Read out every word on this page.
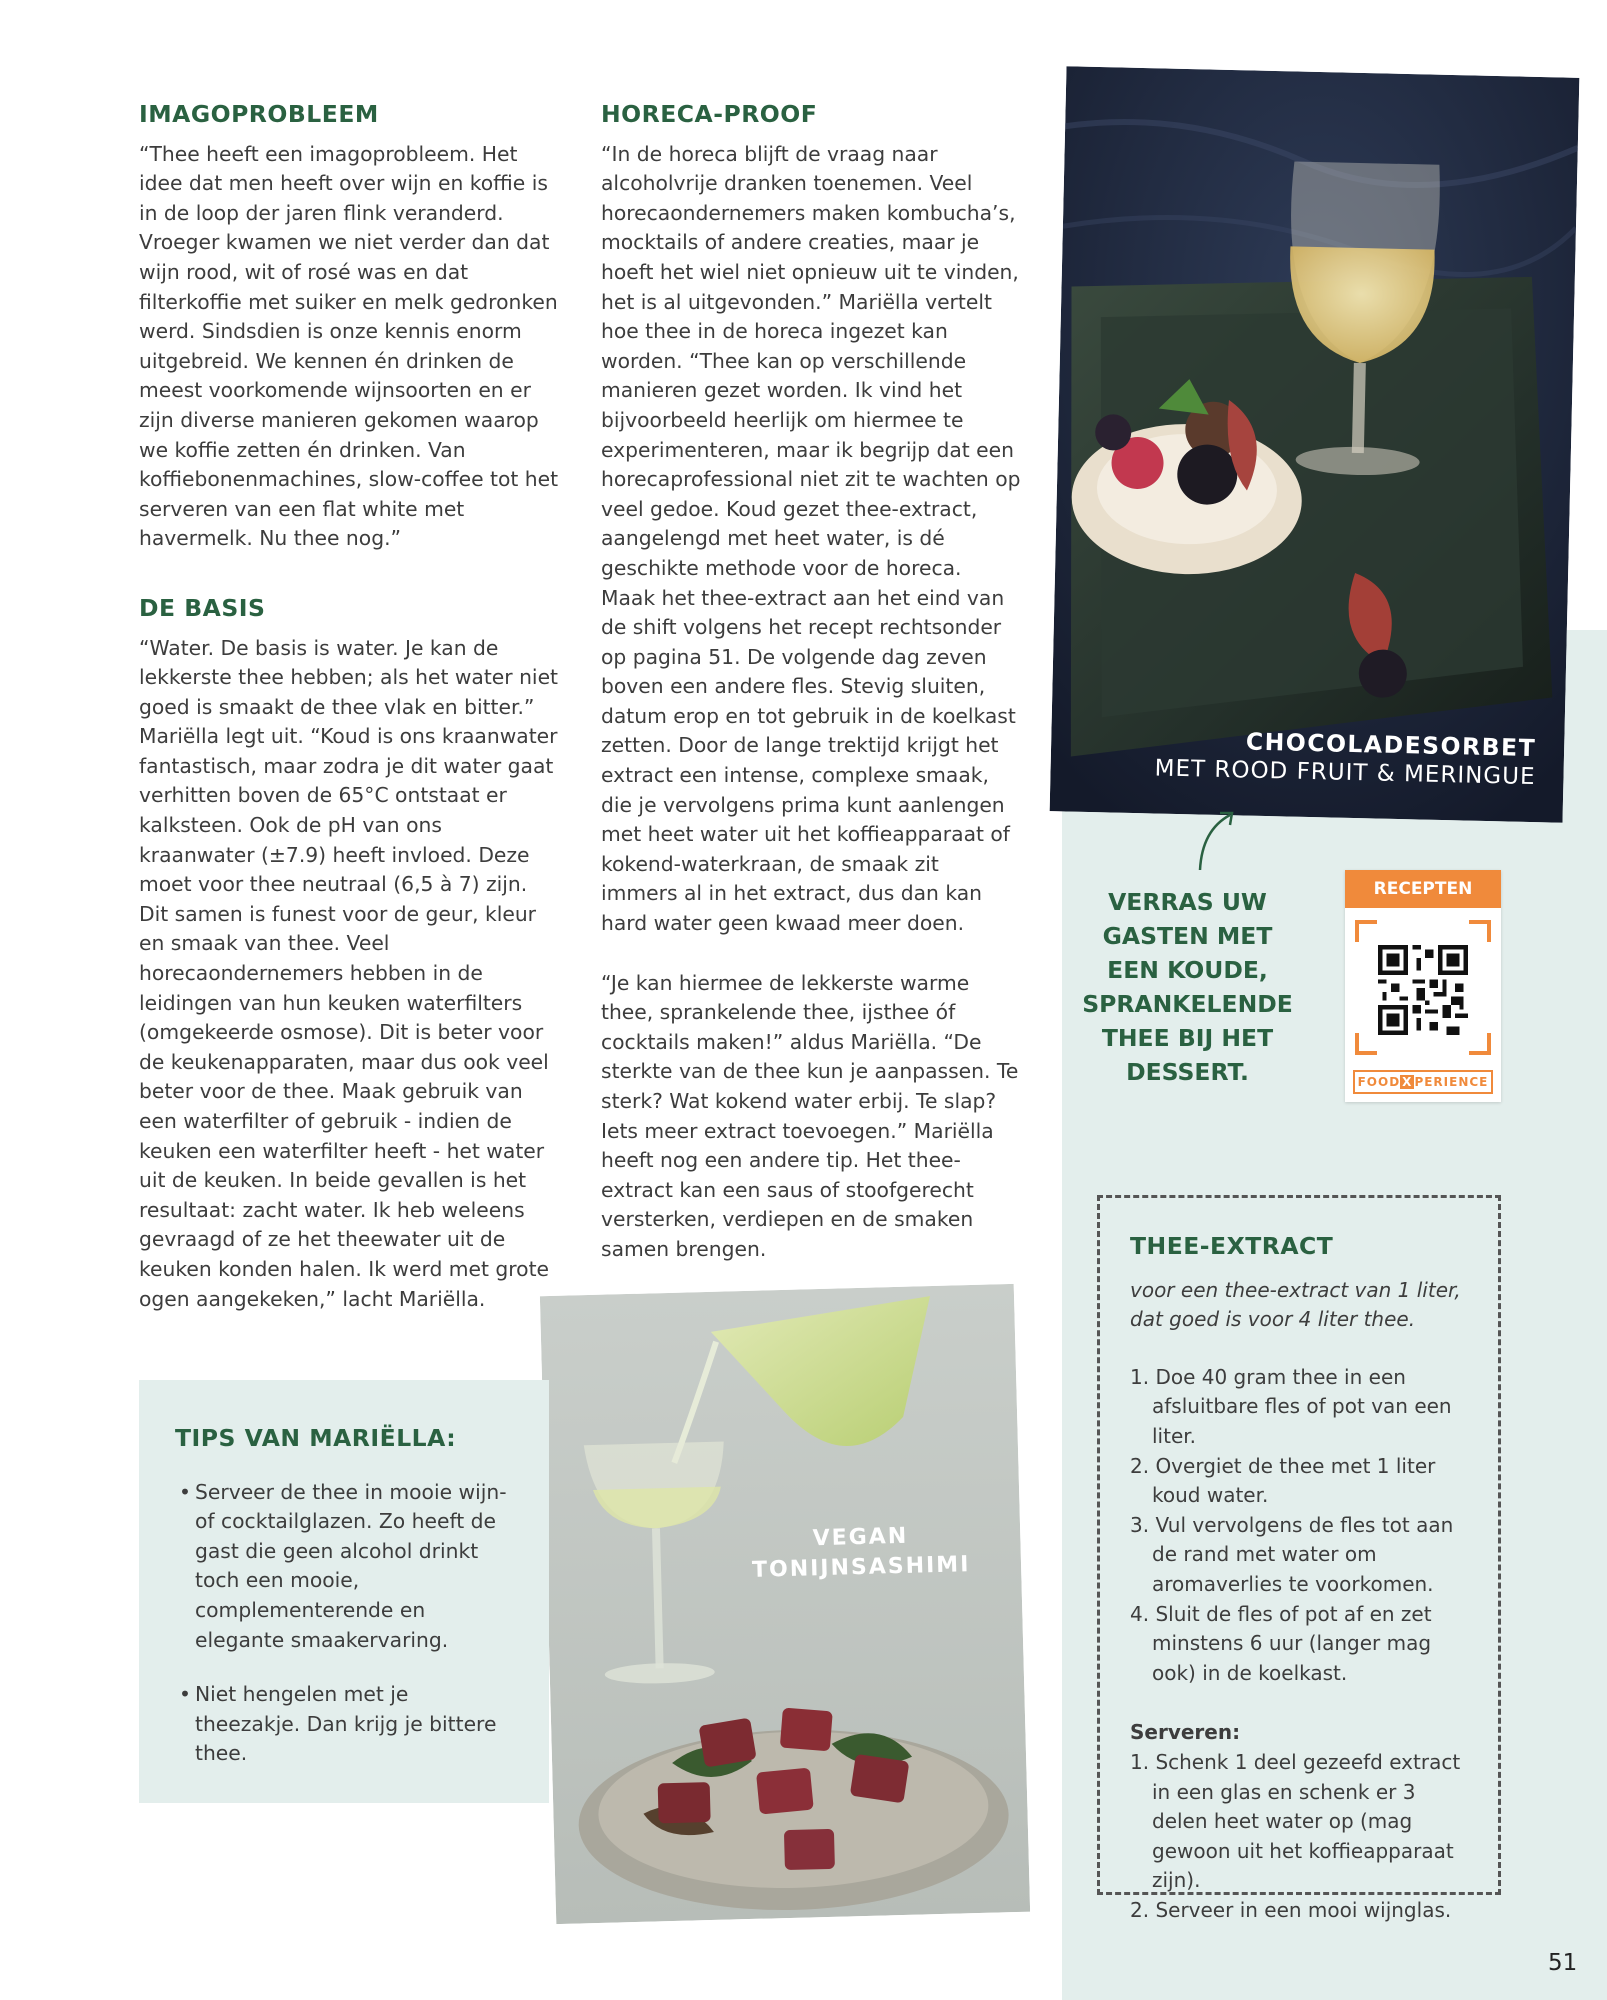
IMAGOPROBLEEM

“Thee heeft een imagoprobleem. Het idee dat men heeft over wijn en koffie is in de loop der jaren flink veranderd. Vroeger kwamen we niet verder dan dat wijn rood, wit of rosé was en dat filterkoffie met suiker en melk gedronken werd. Sindsdien is onze kennis enorm uitgebreid. We kennen én drinken de meest voorkomende wijnsoorten en er zijn diverse manieren gekomen waarop we koffie zetten én drinken. Van koffiebonenmachines, slow-coffee tot het serveren van een flat white met havermelk. Nu thee nog.”

DE BASIS

“Water. De basis is water. Je kan de lekkerste thee hebben; als het water niet goed is smaakt de thee vlak en bitter.” Mariëlla legt uit. “Koud is ons kraanwater fantastisch, maar zodra je dit water gaat verhitten boven de 65°C ontstaat er kalksteen. Ook de pH van ons kraanwater (±7.9) heeft invloed. Deze moet voor thee neutraal (6,5 à 7) zijn. Dit samen is funest voor de geur, kleur en smaak van thee. Veel horecaondernemers hebben in de leidingen van hun keuken waterfilters (omgekeerde osmose). Dit is beter voor de keukenapparaten, maar dus ook veel beter voor de thee. Maak gebruik van een waterfilter of gebruik - indien de keuken een waterfilter heeft - het water uit de keuken. In beide gevallen is het resultaat: zacht water. Ik heb weleens gevraagd of ze het theewater uit de keuken konden halen. Ik werd met grote ogen aangekeken,” lacht Mariëlla.

HORECA-PROOF

“In de horeca blijft de vraag naar alcoholvrije dranken toenemen. Veel horecaondernemers maken kombucha’s, mocktails of andere creaties, maar je hoeft het wiel niet opnieuw uit te vinden, het is al uitgevonden.” Mariëlla vertelt hoe thee in de horeca ingezet kan worden. “Thee kan op verschillende manieren gezet worden. Ik vind het bijvoorbeeld heerlijk om hiermee te experimenteren, maar ik begrijp dat een horecaprofessional niet zit te wachten op veel gedoe. Koud gezet thee-extract, aangelengd met heet water, is dé geschikte methode voor de horeca. Maak het thee-extract aan het eind van de shift volgens het recept rechtsonder op pagina 51. De volgende dag zeven boven een andere fles. Stevig sluiten, datum erop en tot gebruik in de koelkast zetten. Door de lange trektijd krijgt het extract een intense, complexe smaak, die je vervolgens prima kunt aanlengen met heet water uit het koffieapparaat of kokend-waterkraan, de smaak zit immers al in het extract, dus dan kan hard water geen kwaad meer doen.

“Je kan hiermee de lekkerste warme thee, sprankelende thee, ijsthee óf cocktails maken!” aldus Mariëlla. “De sterkte van de thee kun je aanpassen. Te sterk? Wat kokend water erbij. Te slap? Iets meer extract toevoegen.” Mariëlla heeft nog een andere tip. Het thee-extract kan een saus of stoofgerecht versterken, verdiepen en de smaken samen brengen.

CHOCOLADESORBET
MET ROOD FRUIT & MERINGUE
VERRAS UW
GASTEN MET
EEN KOUDE,
SPRANKELENDE
THEE BIJ HET
DESSERT.
RECEPTEN
FOOD X PERIENCE
VEGAN
TONIJNSASHIMI
TIPS VAN MARIËLLA:
• Serveer de thee in mooie wijn- of cocktailglazen. Zo heeft de gast die geen alcohol drinkt toch een mooie, complementerende en elegante smaakervaring.
• Niet hengelen met je theezakje. Dan krijg je bittere thee.
THEE-EXTRACT
voor een thee-extract van 1 liter, dat goed is voor 4 liter thee.
1. Doe 40 gram thee in een afsluitbare fles of pot van een liter.
2. Overgiet de thee met 1 liter koud water.
3. Vul vervolgens de fles tot aan de rand met water om aromaverlies te voorkomen.
4. Sluit de fles of pot af en zet minstens 6 uur (langer mag ook) in de koelkast.
Serveren:
1. Schenk 1 deel gezeefd extract in een glas en schenk er 3 delen heet water op (mag gewoon uit het koffieapparaat zijn).
2. Serveer in een mooi wijnglas.
51
